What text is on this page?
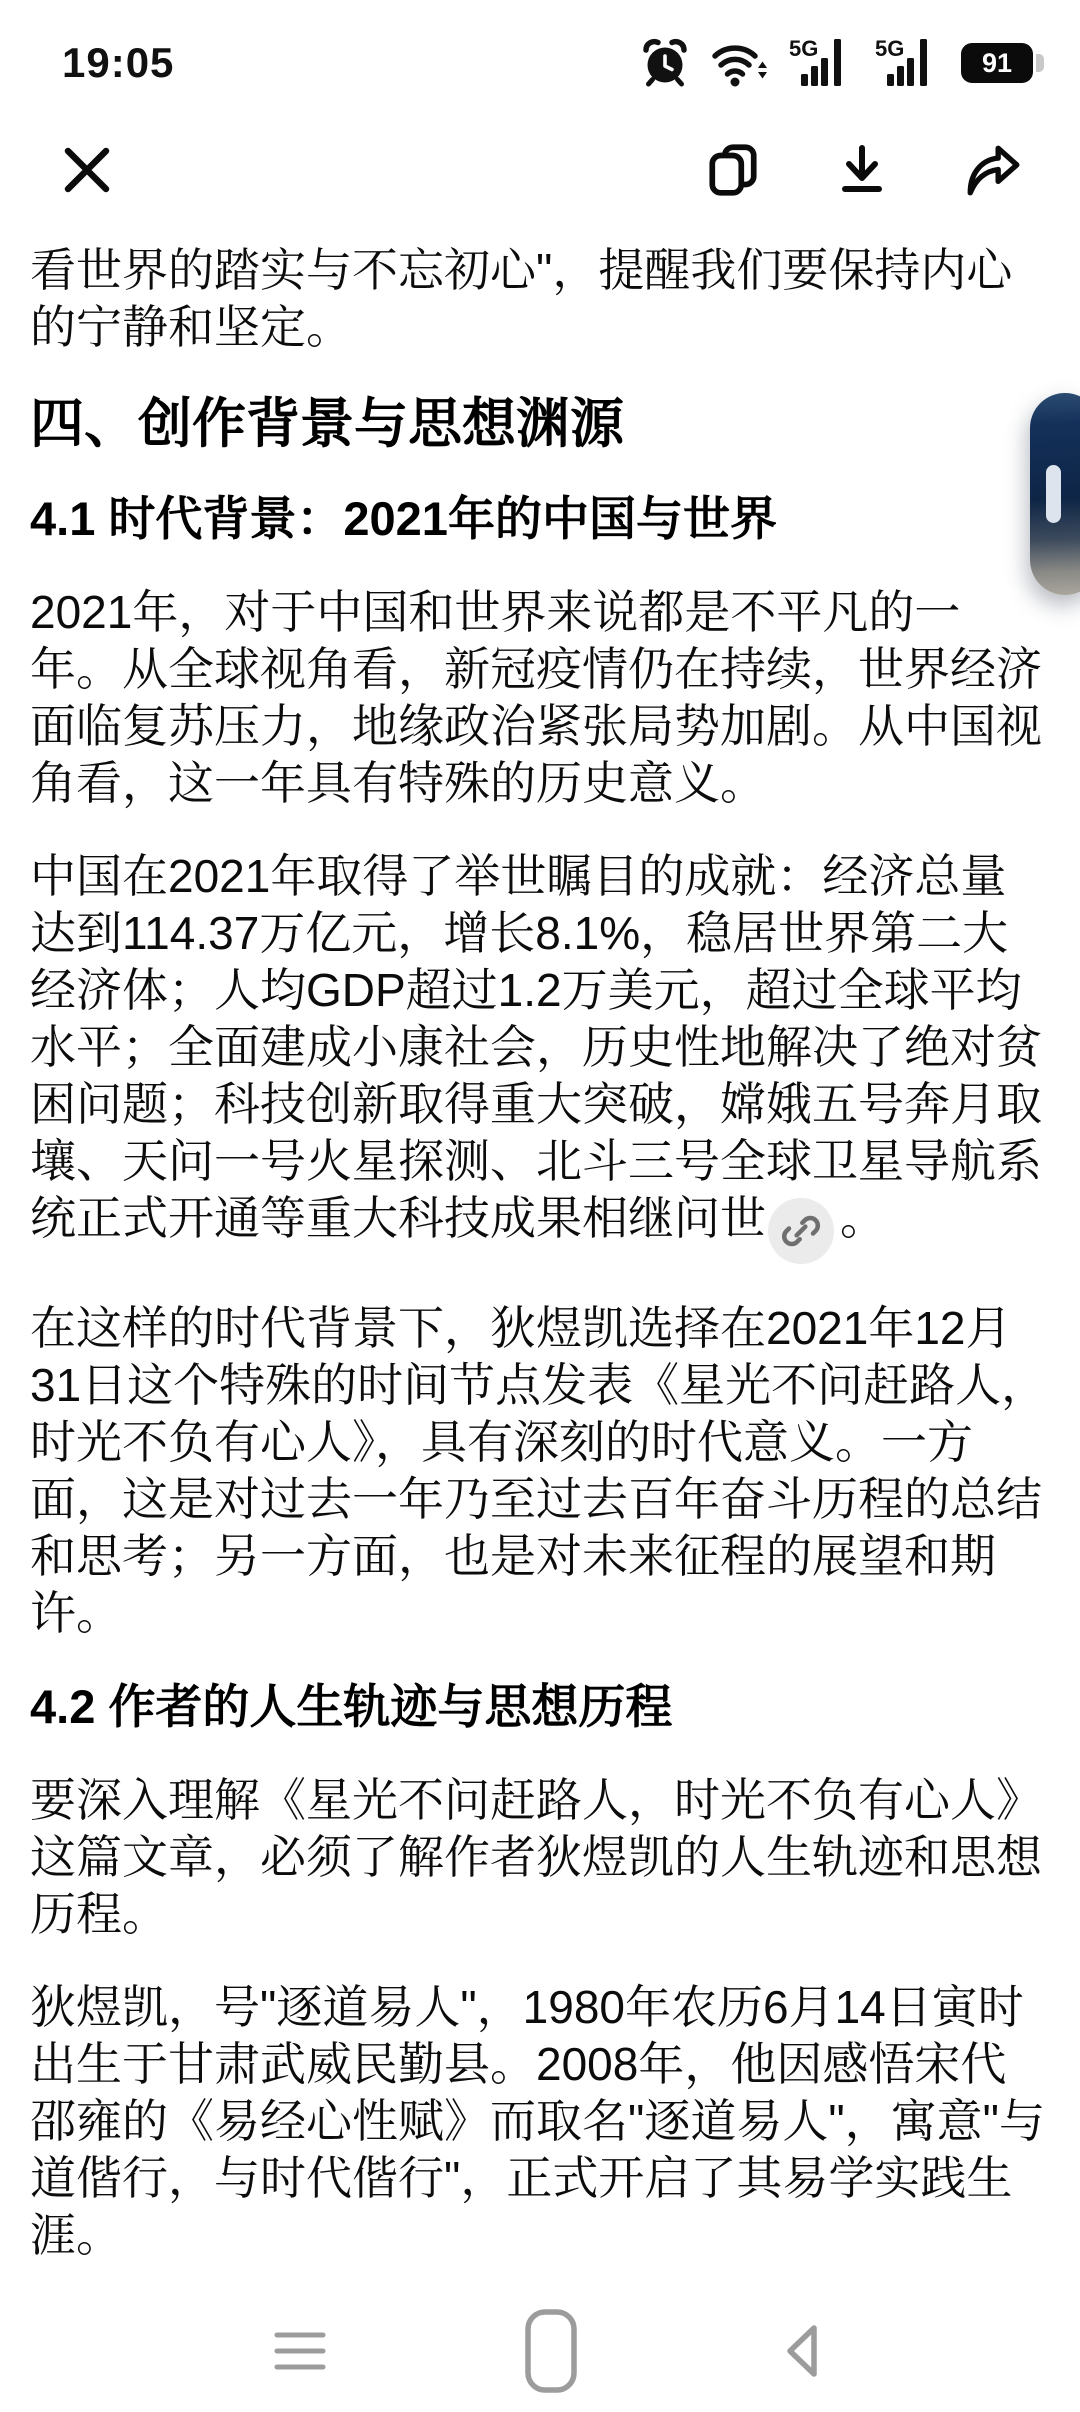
19:05	5G	5G	91

看世界的踏实与不忘初心"，提醒我们要保持内心的宁静和坚定。

四、创作背景与思想渊源
4.1 时代背景：2021年的中国与世界

2021年，对于中国和世界来说都是不平凡的一年。从全球视角看，新冠疫情仍在持续，世界经济面临复苏压力，地缘政治紧张局势加剧。从中国视角看，这一年具有特殊的历史意义。

中国在2021年取得了举世瞩目的成就：经济总量达到114.37万亿元，增长8.1%，稳居世界第二大经济体；人均GDP超过1.2万美元，超过全球平均水平；全面建成小康社会，历史性地解决了绝对贫困问题；科技创新取得重大突破，嫦娥五号奔月取壤、天问一号火星探测、北斗三号全球卫星导航系统正式开通等重大科技成果相继问世 。

在这样的时代背景下，狄煜凯选择在2021年12月31日这个特殊的时间节点发表《星光不问赶路人，时光不负有心人》，具有深刻的时代意义。一方面，这是对过去一年乃至过去百年奋斗历程的总结和思考；另一方面，也是对未来征程的展望和期许。

4.2 作者的人生轨迹与思想历程

要深入理解《星光不问赶路人，时光不负有心人》这篇文章，必须了解作者狄煜凯的人生轨迹和思想历程。

狄煜凯，号"逐道易人"，1980年农历6月14日寅时出生于甘肃武威民勤县。2008年，他因感悟宋代邵雍的《易经心性赋》而取名"逐道易人"，寓意"与道偕行，与时代偕行"，正式开启了其易学实践生涯。
